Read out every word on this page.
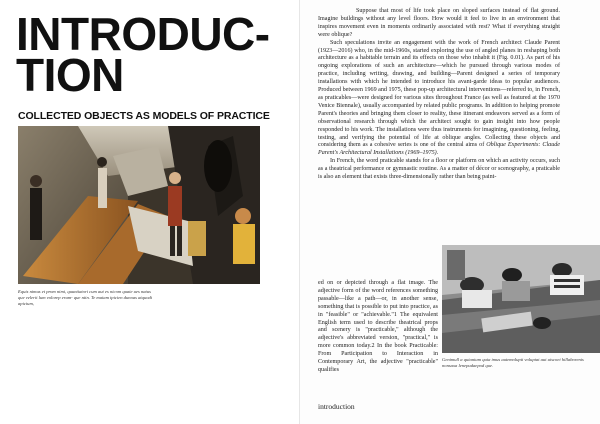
INTRODUC-
TION
COLLECTED OBJECTS AS MODELS OF PRACTICE
Equis nimus et prom nimi, quuntiatori cum aut es nicom quate ues natus que velerit lum volorep erum- que ntin. Te maiam ipicien dunoas atquodi apicium,

Suppose that most of life took place on sloped surfaces instead of flat ground. Imagine buildings without any level floors. How would it feel to live in an environment that inspires movement even in moments ordinarily associated with rest? What if everything straight were oblique?

Such speculations invite an engagement with the work of French architect Claude Parent (1923—2016) who, in the mid-1960s, started exploring the use of angled planes in reshaping both architecture as a habitable terrain and its effects on those who inhabit it (Fig. 0.01). As part of his ongoing explorations of such an architecture—which he pursued through various modes of practice, including writing, drawing, and building—Parent designed a series of temporary installations with which he intended to introduce his avant-garde ideas to popular audiences. Produced between 1969 and 1975, these pop-up architectural interventions—referred to, in French, as praticables—were designed for various sites throughout France (as well as featured at the 1970 Venice Biennale), usually accompanied by related public programs. In addition to helping promote Parent's theories and bringing them closer to reality, these itinerant endeavors served as a form of observational research through which the architect sought to gain insight into how people responded to his work. The installations were thus instruments for imagining, questioning, feeling, testing, and verifying the potential of life at oblique angles. Collecting these objects and considering them as a cohesive series is one of the central aims of Oblique Experiments: Claude Parent's Architectural Installations (1969–1975).

In French, the word praticable stands for a floor or platform on which an activity occurs, such as a theatrical performance or gymnastic routine. As a matter of décor or scenography, a praticable is also an element that exists three-dimensionally rather than being paint-

ed on or depicted through a flat image. The adjective form of the word references something passable—like a path—or, in another sense, something that is possible to put into practice, as in "feasible" or "achievable."1 The equivalent English term used to describe theatrical props and scenery is "practicable," although the adjective's abbreviated version, "practical," is more common today.2 In the book Practicable: From Participation to Interaction in Contemporary Art, the adjective "practicable" qualifies

Genimull a quiantum quia imus autemolupti voluptat aut uiscoei hillaborenis nonsaxa lenepudaepod que.
introduction
